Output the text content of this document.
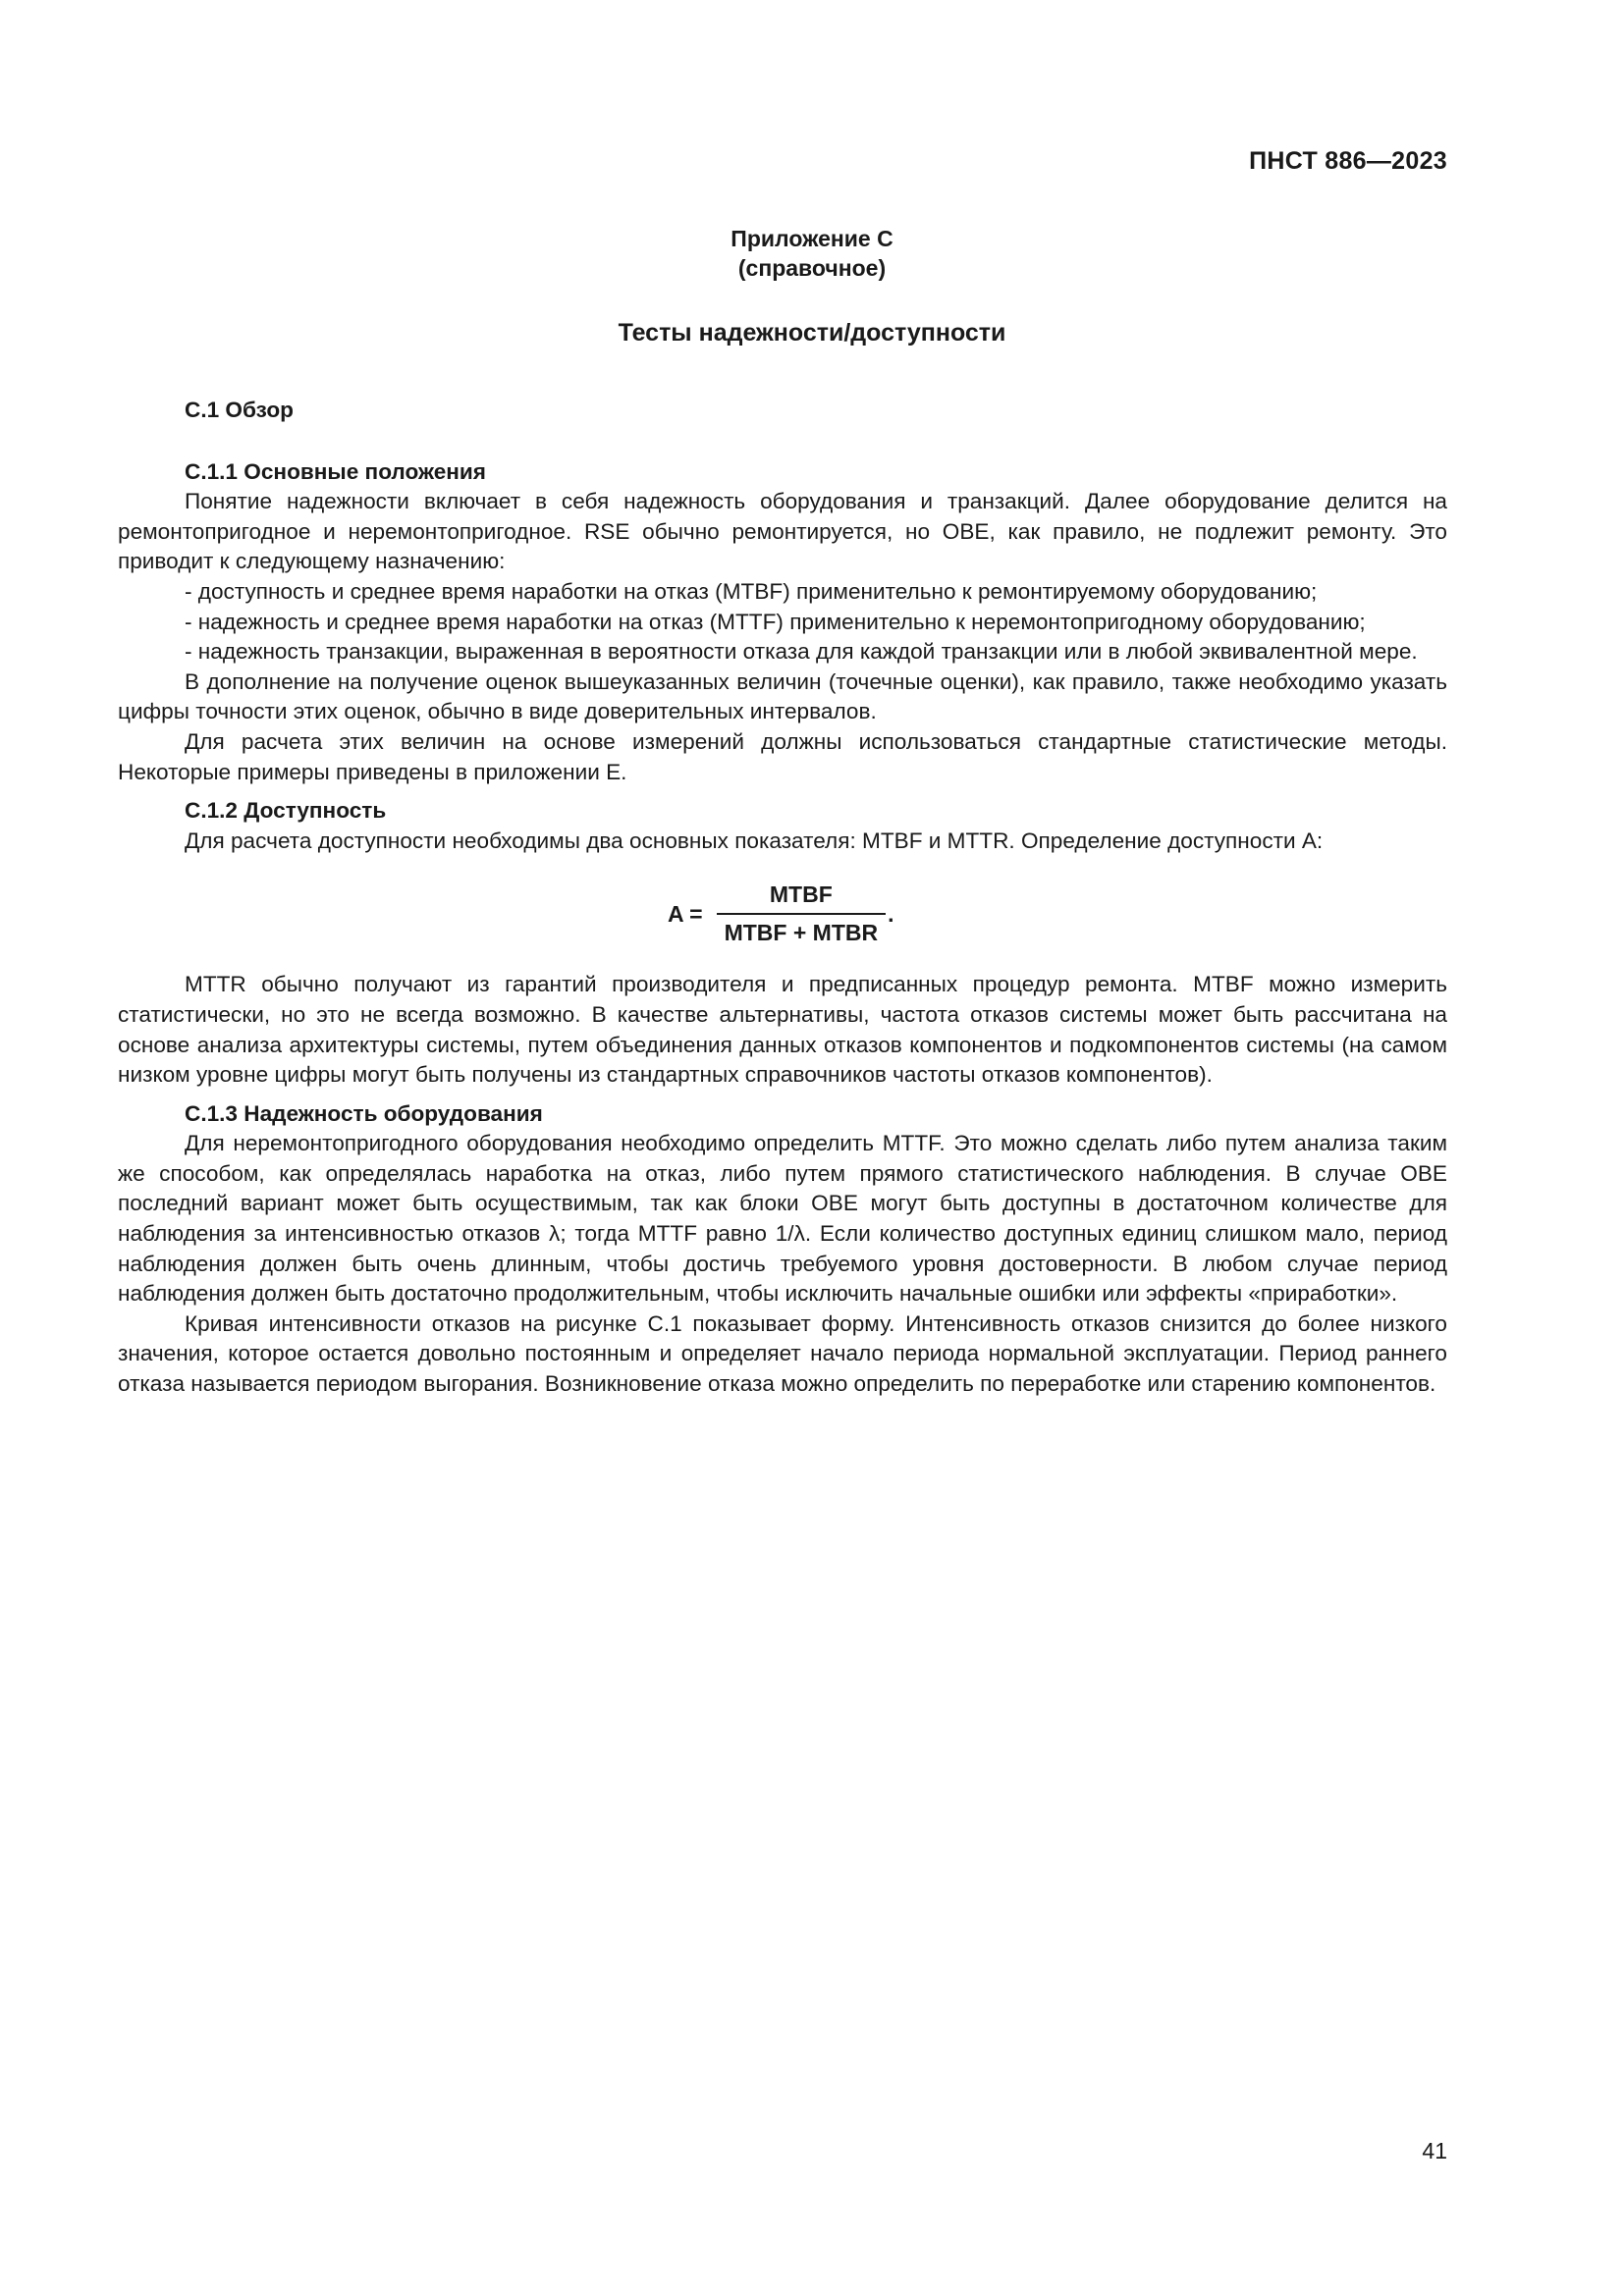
ПНСТ 886—2023
Приложение С
(справочное)
Тесты надежности/доступности
С.1 Обзор
С.1.1 Основные положения

Понятие надежности включает в себя надежность оборудования и транзакций. Далее оборудование делится на ремонтопригодное и неремонтопригодное. RSE обычно ремонтируется, но OBE, как правило, не подлежит ремонту. Это приводит к следующему назначению:

- доступность и среднее время наработки на отказ (MTBF) применительно к ремонтируемому оборудованию;

- надежность и среднее время наработки на отказ (MTTF) применительно к неремонтопригодному оборудованию;

- надежность транзакции, выраженная в вероятности отказа для каждой транзакции или в любой эквивалентной мере.

В дополнение на получение оценок вышеуказанных величин (точечные оценки), как правило, также необходимо указать цифры точности этих оценок, обычно в виде доверительных интервалов.

Для расчета этих величин на основе измерений должны использоваться стандартные статистические методы. Некоторые примеры приведены в приложении Е.

С.1.2 Доступность

Для расчета доступности необходимы два основных показателя: MTBF и MTTR. Определение доступности А:

$A = \frac{\text{MTBF}}{\text{MTBF + MTBR}}$ .

MTTR обычно получают из гарантий производителя и предписанных процедур ремонта. MTBF можно измерить статистически, но это не всегда возможно. В качестве альтернативы, частота отказов системы может быть рассчитана на основе анализа архитектуры системы, путем объединения данных отказов компонентов и подкомпонентов системы (на самом низком уровне цифры могут быть получены из стандартных справочников частоты отказов компонентов).

С.1.3 Надежность оборудования

Для неремонтопригодного оборудования необходимо определить MTTF. Это можно сделать либо путем анализа таким же способом, как определялась наработка на отказ, либо путем прямого статистического наблюдения. В случае OBE последний вариант может быть осуществимым, так как блоки OBE могут быть доступны в достаточном количестве для наблюдения за интенсивностью отказов λ; тогда MTTF равно 1/λ. Если количество доступных единиц слишком мало, период наблюдения должен быть очень длинным, чтобы достичь требуемого уровня достоверности. В любом случае период наблюдения должен быть достаточно продолжительным, чтобы исключить начальные ошибки или эффекты «приработки».

Кривая интенсивности отказов на рисунке С.1 показывает форму. Интенсивность отказов снизится до более низкого значения, которое остается довольно постоянным и определяет начало периода нормальной эксплуатации. Период раннего отказа называется периодом выгорания. Возникновение отказа можно определить по переработке или старению компонентов.

41
